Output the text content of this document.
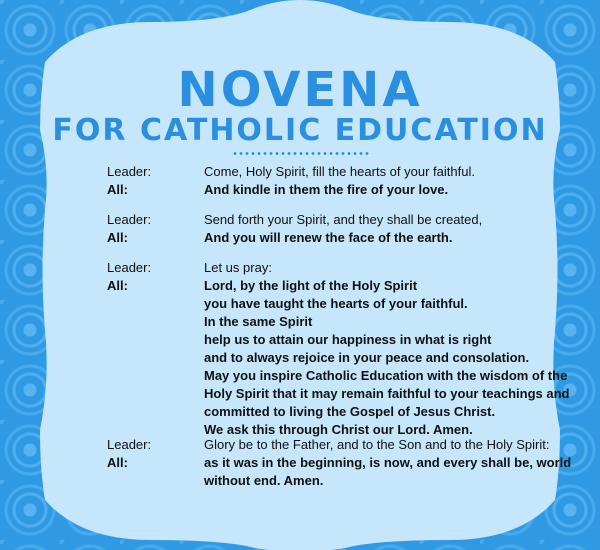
NOVENA
FOR CATHOLIC EDUCATION
Leader:	Come, Holy Spirit, fill the hearts of your faithful.
All:	And kindle in them the fire of your love.
Leader:	Send forth your Spirit, and they shall be created,
All:	And you will renew the face of the earth.
Leader:	Let us pray:
All:	Lord, by the light of the Holy Spirit
you have taught the hearts of your faithful.
In the same Spirit
help us to attain our happiness in what is right
and to always rejoice in your peace and consolation.
May you inspire Catholic Education with the wisdom of the
Holy Spirit that it may remain faithful to your teachings and
committed to living the Gospel of Jesus Christ.
We ask this through Christ our Lord. Amen.
Leader:	Glory be to the Father, and to the Son and to the Holy Spirit:
All:	as it was in the beginning, is now, and every shall be, world
without end. Amen.
